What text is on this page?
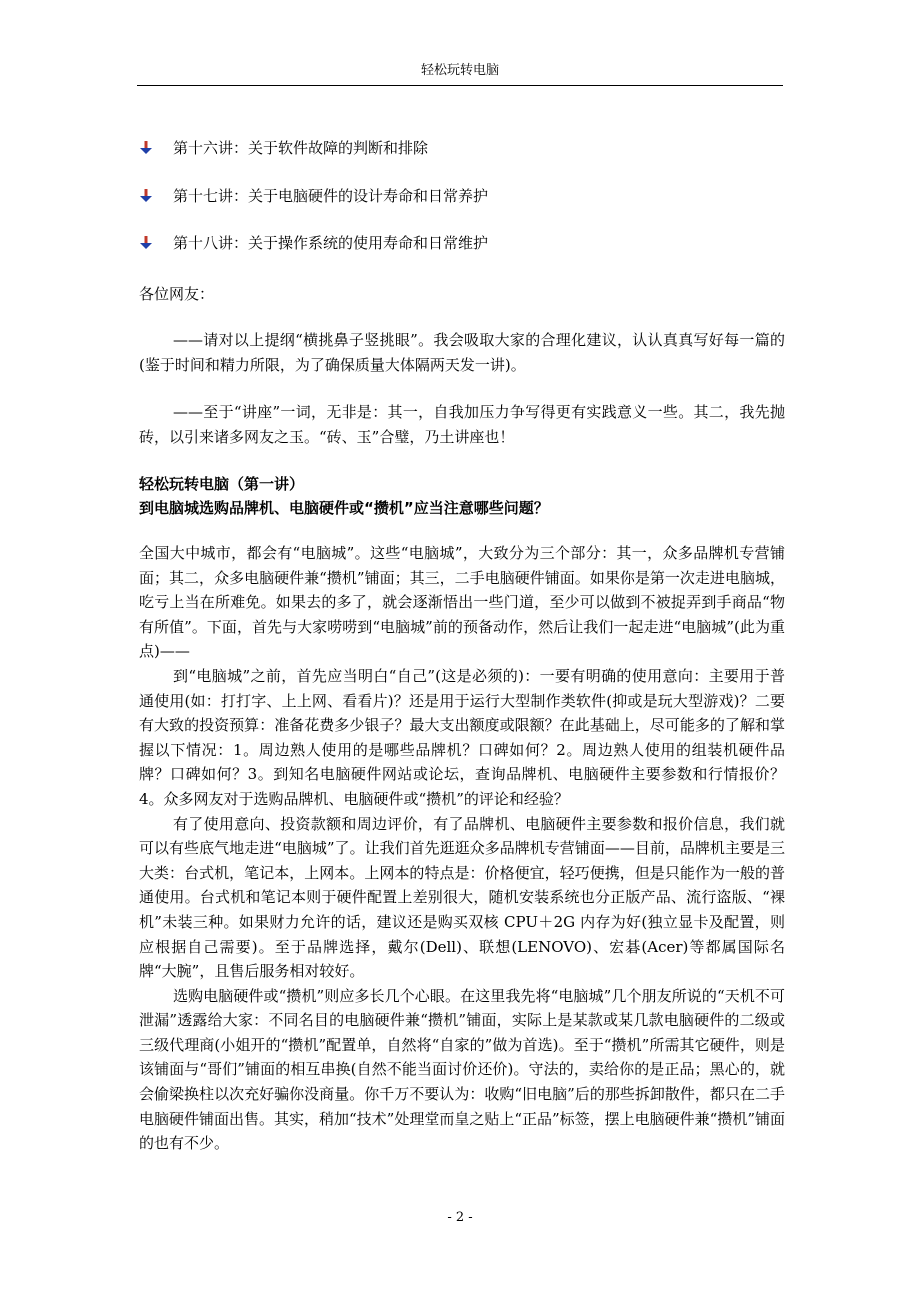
轻松玩转电脑
第十六讲：关于软件故障的判断和排除
第十七讲：关于电脑硬件的设计寿命和日常养护
第十八讲：关于操作系统的使用寿命和日常维护
各位网友：
——请对以上提纲“横挑鼻子竖挑眼”。我会吸取大家的合理化建议，认认真真写好每一篇的(鉴于时间和精力所限，为了确保质量大体隔两天发一讲)。
——至于“讲座”一词，无非是：其一，自我加压力争写得更有实践意义一些。其二，我先抛砖，以引来诸多网友之玉。“砖、玉”合璧，乃土讲座也！
轻松玩转电脑（第一讲）
到电脑城选购品牌机、电脑硬件或“攒机”应当注意哪些问题？

全国大中城市，都会有“电脑城”。这些“电脑城”，大致分为三个部分：其一，众多品牌机专营铺面；其二，众多电脑硬件兼“攒机”铺面；其三，二手电脑硬件铺面。如果你是第一次走进电脑城，吃亏上当在所难免。如果去的多了，就会逐渐悟出一些门道，至少可以做到不被捉弄到手商品“物有所值”。下面，首先与大家唠唠到“电脑城”前的预备动作，然后让我们一起走进“电脑城”(此为重点)——

到“电脑城”之前，首先应当明白“自己”(这是必须的)：一要有明确的使用意向：主要用于普通使用(如：打打字、上上网、看看片)？还是用于运行大型制作类软件(抑或是玩大型游戏)？二要有大致的投资预算：准备花费多少银子？最大支出额度或限额？在此基础上，尽可能多的了解和掌握以下情况：1。周边熟人使用的是哪些品牌机？口碑如何？2。周边熟人使用的组装机硬件品牌？口碑如何？3。到知名电脑硬件网站或论坛，查询品牌机、电脑硬件主要参数和行情报价？4。众多网友对于选购品牌机、电脑硬件或“攒机”的评论和经验？

有了使用意向、投资款额和周边评价，有了品牌机、电脑硬件主要参数和报价信息，我们就可以有些底气地走进“电脑城”了。让我们首先逛逛众多品牌机专营铺面——目前，品牌机主要是三大类：台式机，笔记本，上网本。上网本的特点是：价格便宜，轻巧便携，但是只能作为一般的普通使用。台式机和笔记本则于硬件配置上差别很大，随机安装系统也分正版产品、流行盗版、“裸机”未装三种。如果财力允许的话，建议还是购买双核 CPU＋2G 内存为好(独立显卡及配置，则应根据自己需要)。至于品牌选择，戴尔(Dell)、联想(LENOVO)、宏碁(Acer)等都属国际名牌“大腕”，且售后服务相对较好。

选购电脑硬件或“攒机”则应多长几个心眼。在这里我先将“电脑城”几个朋友所说的“天机不可泄漏”透露给大家：不同名目的电脑硬件兼“攒机”铺面，实际上是某款或某几款电脑硬件的二级或三级代理商(小姐开的“攒机”配置单，自然将“自家的”做为首选)。至于“攒机”所需其它硬件，则是该铺面与“哥们”铺面的相互串换(自然不能当面讨价还价)。守法的，卖给你的是正品；黑心的，就会偷梁换柱以次充好骗你没商量。你千万不要认为：收购“旧电脑”后的那些拆卸散件，都只在二手电脑硬件铺面出售。其实，稍加“技术”处理堂而皇之贴上“正品”标签，摆上电脑硬件兼“攒机”铺面的也有不少。

- 2 -
